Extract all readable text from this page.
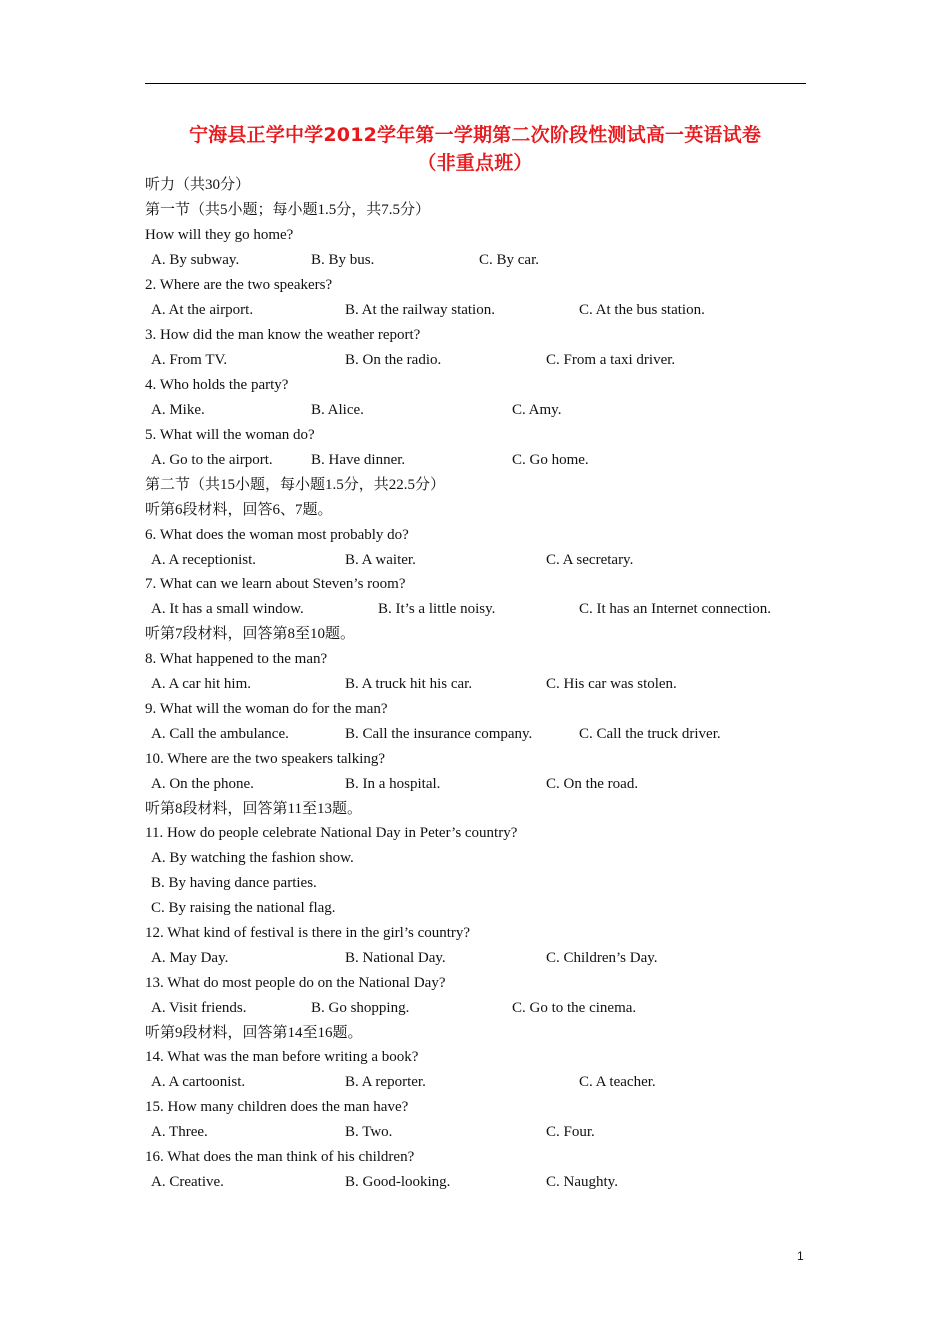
宁海县正学中学2012学年第一学期第二次阶段性测试高一英语试卷
（非重点班）
听力（共30分）
第一节（共5小题；每小题1.5分，共7.5分）
How will they go home?
A. By subway.	B. By bus.	C. By car.
2. Where are the two speakers?
A. At the airport.	B. At the railway station.	C. At the bus station.
3. How did the man know the weather report?
A. From TV.	B. On the radio.	C. From a taxi driver.
4. Who holds the party?
A. Mike.	B. Alice.	C. Amy.
5. What will the woman do?
A. Go to the airport.	B. Have dinner.	C. Go home.
第二节（共15小题，每小题1.5分，共22.5分）
听第6段材料，回答6、7题。
6. What does the woman most probably do?
A. A receptionist.	B. A waiter.	C. A secretary.
7. What can we learn about Steven’s room?
A. It has a small window.	B. It’s a little noisy.	C. It has an Internet connection.
听第7段材料，回答第8至10题。
8. What happened to the man?
A. A car hit him.	B. A truck hit his car.	C. His car was stolen.
9. What will the woman do for the man?
A. Call the ambulance.	B. Call the insurance company.	C. Call the truck driver.
10. Where are the two speakers talking?
A. On the phone.	B. In a hospital.	C. On the road.
听第8段材料，回答第11至13题。
11. How do people celebrate National Day in Peter’s country?
A. By watching the fashion show.
B. By having dance parties.
C. By raising the national flag.
12. What kind of festival is there in the girl’s country?
A. May Day.	B. National Day.	C. Children’s Day.
13. What do most people do on the National Day?
A. Visit friends.	B. Go shopping.	C. Go to the cinema.
听第9段材料，回答第14至16题。
14. What was the man before writing a book?
A. A cartoonist.	B. A reporter.	C. A teacher.
15. How many children does the man have?
A. Three.	B. Two.	C. Four.
16. What does the man think of his children?
A. Creative.	B. Good-looking.	C. Naughty.
1
